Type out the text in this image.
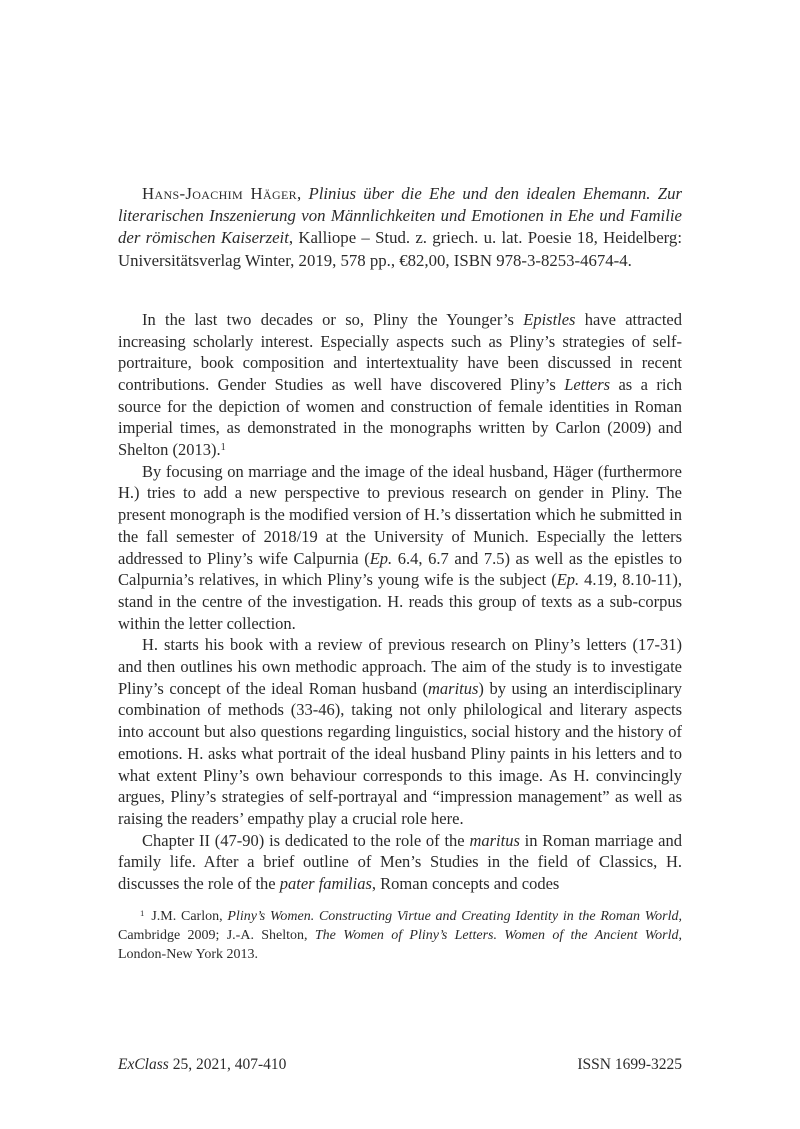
Hans-Joachim Häger, Plinius über die Ehe und den idealen Ehemann. Zur literarischen Inszenierung von Männlichkeiten und Emotionen in Ehe und Familie der römischen Kaiserzeit, Kalliope – Stud. z. griech. u. lat. Poesie 18, Heidelberg: Universitätsverlag Winter, 2019, 578 pp., €82,00, ISBN 978-3-8253-4674-4.

In the last two decades or so, Pliny the Younger’s Epistles have attracted increasing scholarly interest. Especially aspects such as Pliny’s strategies of self-portraiture, book composition and intertextuality have been discussed in recent contributions. Gender Studies as well have discovered Pliny’s Letters as a rich source for the depiction of women and construction of female identities in Roman imperial times, as demonstrated in the monographs written by Carlon (2009) and Shelton (2013).$^1$

By focusing on marriage and the image of the ideal husband, Häger (furthermore H.) tries to add a new perspective to previous research on gender in Pliny. The present monograph is the modified version of H.’s dissertation which he submitted in the fall semester of 2018/19 at the University of Munich. Especially the letters addressed to Pliny’s wife Calpurnia (Ep. 6.4, 6.7 and 7.5) as well as the epistles to Calpurnia’s relatives, in which Pliny’s young wife is the subject (Ep. 4.19, 8.10-11), stand in the centre of the investigation. H. reads this group of texts as a sub-corpus within the letter collection.

H. starts his book with a review of previous research on Pliny’s letters (17-31) and then outlines his own methodic approach. The aim of the study is to investigate Pliny’s concept of the ideal Roman husband (maritus) by using an interdisciplinary combination of methods (33-46), taking not only philological and literary aspects into account but also questions regarding linguistics, social history and the history of emotions. H. asks what portrait of the ideal husband Pliny paints in his letters and to what extent Pliny’s own behaviour corresponds to this image. As H. convincingly argues, Pliny’s strategies of self-portrayal and “impression management” as well as raising the readers’ empathy play a crucial role here.

Chapter II (47-90) is dedicated to the role of the maritus in Roman marriage and family life. After a brief outline of Men’s Studies in the field of Classics, H. discusses the role of the pater familias, Roman concepts and codes

$^1$ J.M. Carlon, Pliny’s Women. Constructing Virtue and Creating Identity in the Roman World, Cambridge 2009; J.-A. Shelton, The Women of Pliny’s Letters. Women of the Ancient World, London-New York 2013.

ExClass 25, 2021, 407-410	ISSN 1699-3225
